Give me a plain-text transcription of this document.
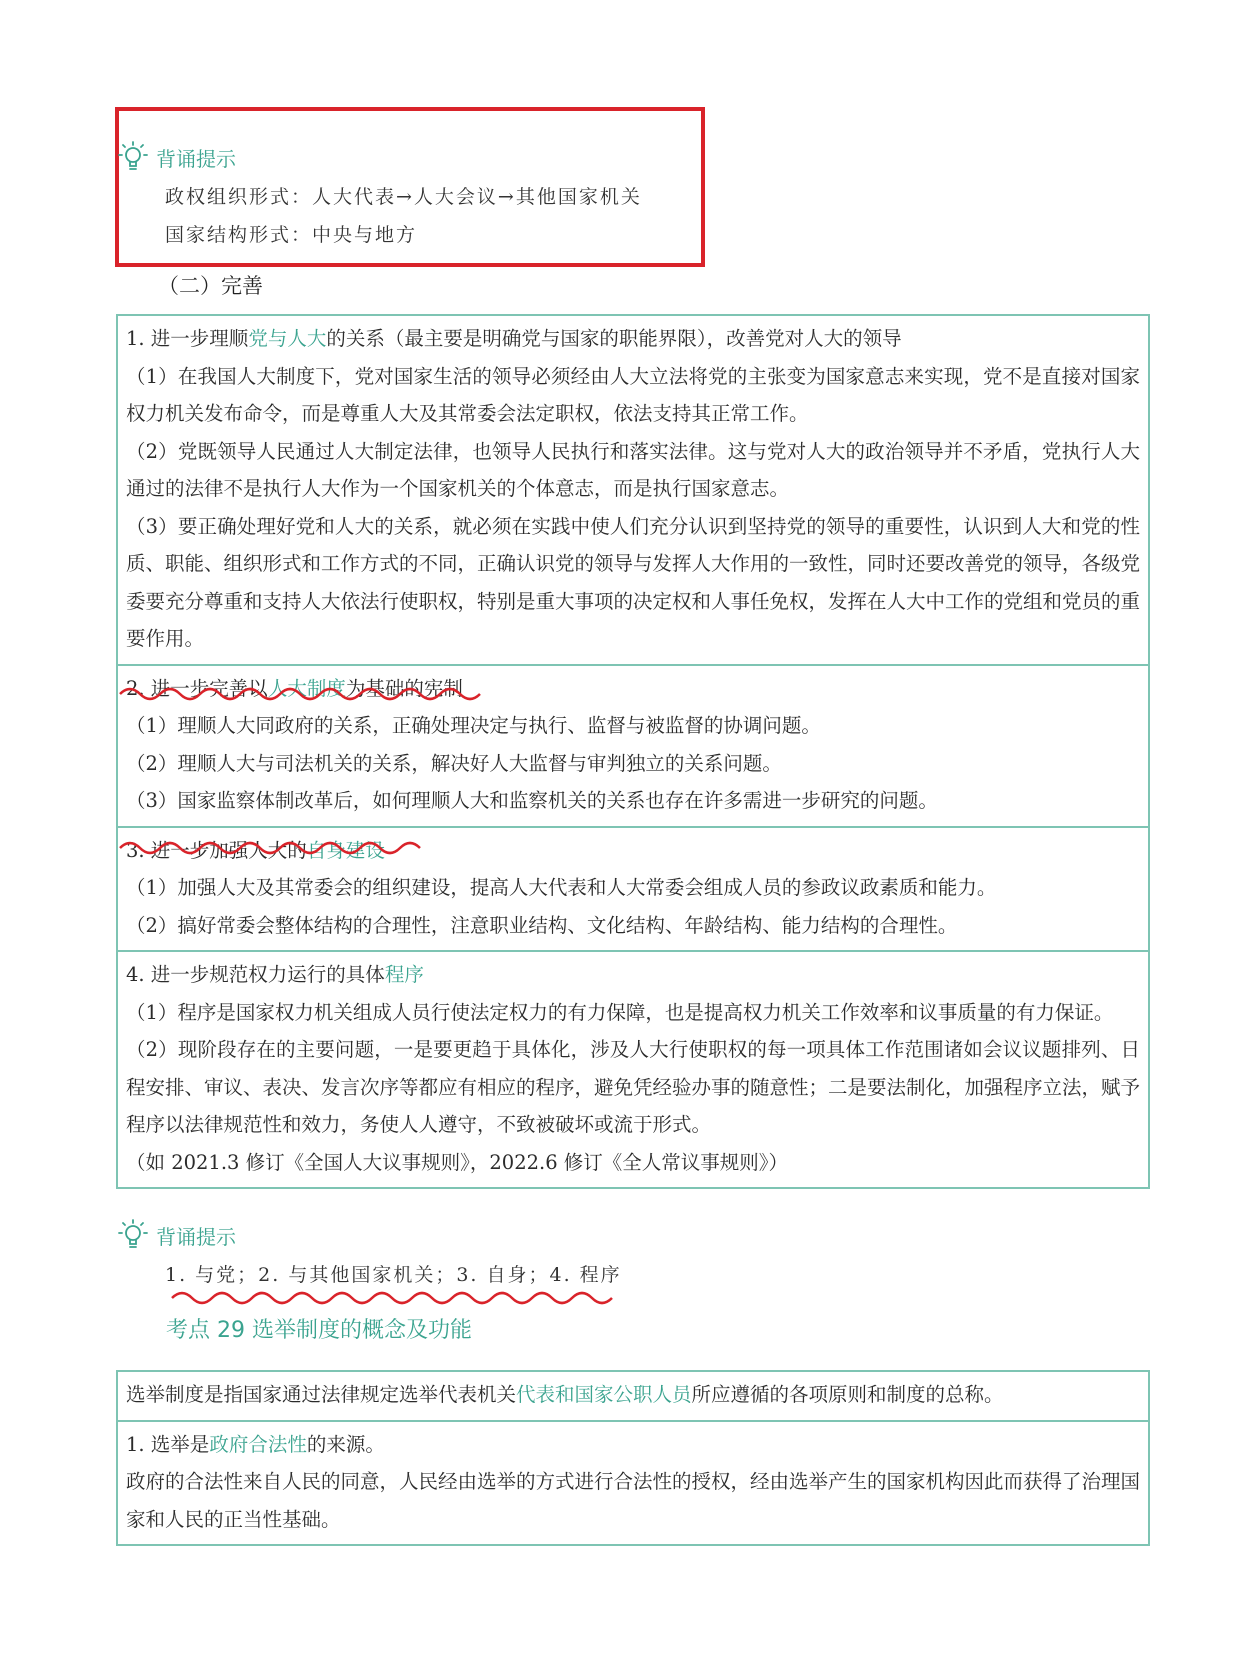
背诵提示
政权组织形式：人大代表→人大会议→其他国家机关
国家结构形式：中央与地方
（二）完善

1. 进一步理顺党与人大的关系（最主要是明确党与国家的职能界限），改善党对人大的领导

（1）在我国人大制度下，党对国家生活的领导必须经由人大立法将党的主张变为国家意志来实现，党不是直接对国家权力机关发布命令，而是尊重人大及其常委会法定职权，依法支持其正常工作。

（2）党既领导人民通过人大制定法律，也领导人民执行和落实法律。这与党对人大的政治领导并不矛盾，党执行人大通过的法律不是执行人大作为一个国家机关的个体意志，而是执行国家意志。

（3）要正确处理好党和人大的关系，就必须在实践中使人们充分认识到坚持党的领导的重要性，认识到人大和党的性质、职能、组织形式和工作方式的不同，正确认识党的领导与发挥人大作用的一致性，同时还要改善党的领导，各级党委要充分尊重和支持人大依法行使职权，特别是重大事项的决定权和人事任免权，发挥在人大中工作的党组和党员的重要作用。

2. 进一步完善以人大制度为基础的宪制

（1）理顺人大同政府的关系，正确处理决定与执行、监督与被监督的协调问题。

（2）理顺人大与司法机关的关系，解决好人大监督与审判独立的关系问题。

（3）国家监察体制改革后，如何理顺人大和监察机关的关系也存在许多需进一步研究的问题。

3. 进一步加强人大的自身建设

（1）加强人大及其常委会的组织建设，提高人大代表和人大常委会组成人员的参政议政素质和能力。

（2）搞好常委会整体结构的合理性，注意职业结构、文化结构、年龄结构、能力结构的合理性。

4. 进一步规范权力运行的具体程序

（1）程序是国家权力机关组成人员行使法定权力的有力保障，也是提高权力机关工作效率和议事质量的有力保证。

（2）现阶段存在的主要问题，一是要更趋于具体化，涉及人大行使职权的每一项具体工作范围诸如会议议题排列、日程安排、审议、表决、发言次序等都应有相应的程序，避免凭经验办事的随意性；二是要法制化，加强程序立法，赋予程序以法律规范性和效力，务使人人遵守，不致被破坏或流于形式。

（如 2021.3 修订《全国人大议事规则》，2022.6 修订《全人常议事规则》）

背诵提示
1. 与党；2. 与其他国家机关；3. 自身；4. 程序
考点 29 选举制度的概念及功能

选举制度是指国家通过法律规定选举代表机关代表和国家公职人员所应遵循的各项原则和制度的总称。

1. 选举是政府合法性的来源。

政府的合法性来自人民的同意，人民经由选举的方式进行合法性的授权，经由选举产生的国家机构因此而获得了治理国家和人民的正当性基础。
